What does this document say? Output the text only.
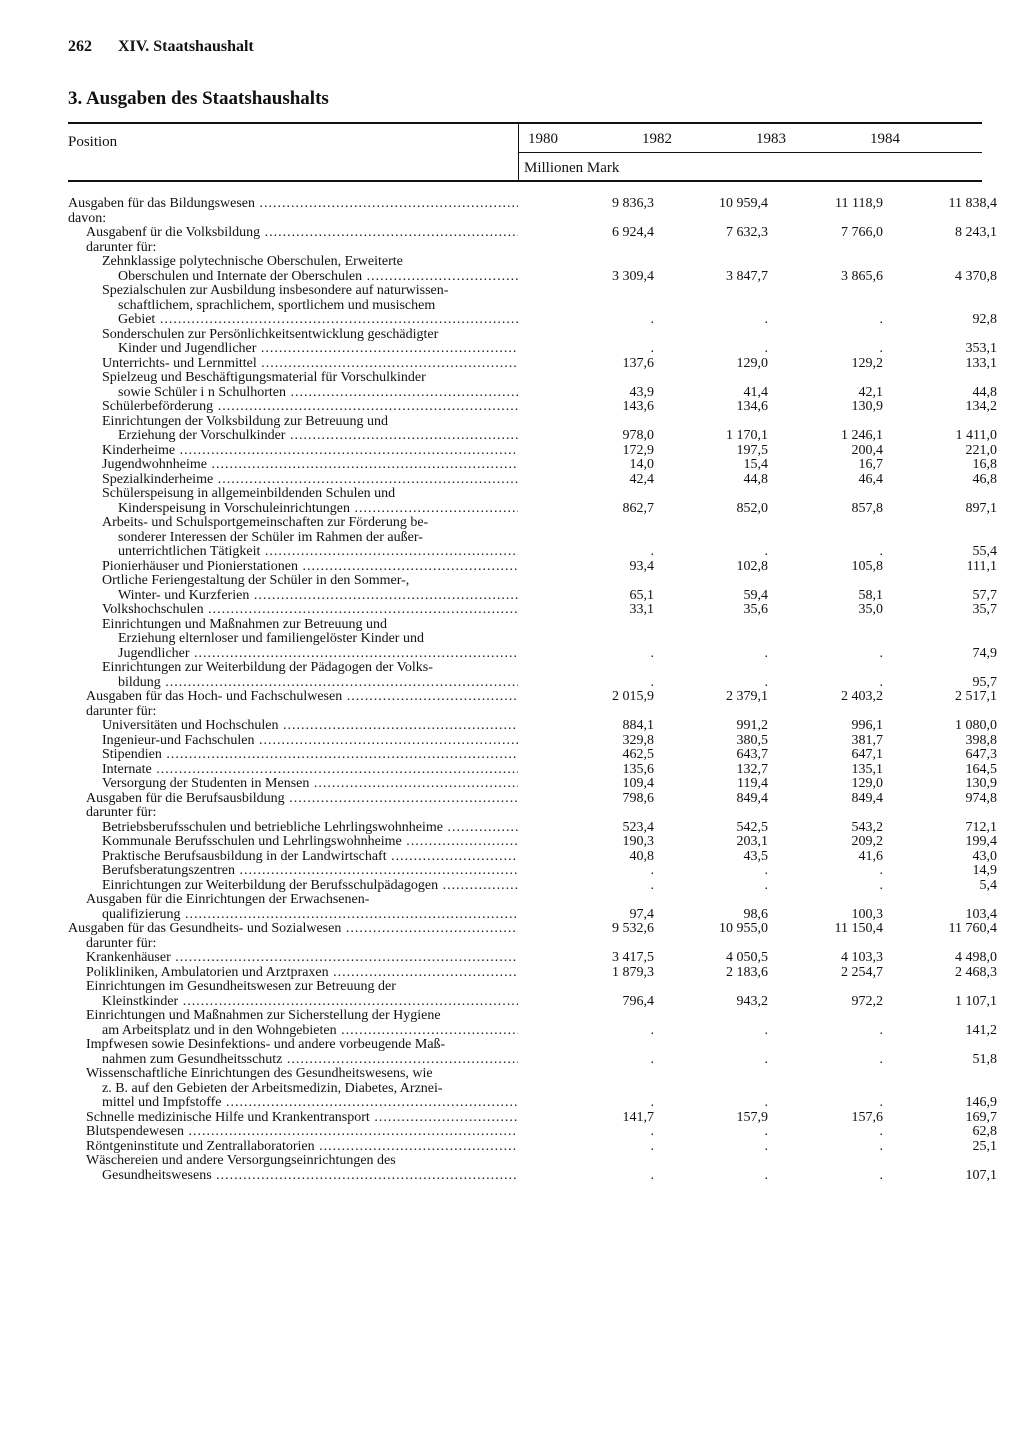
262 XIV. Staatshaushalt
3. Ausgaben des Staatshaushalts
Position	1980	1982	1983	1984
Millionen Mark
Ausgaben für das Bildungswesen .....	9 836,3	10 959,4	11 118,9	11 838,4
davon:
Ausgabenf ür die Volksbildung .....	6 924,4	7 632,3	7 766,0	8 243,1
darunter für:
Zehnklassige polytechnische Oberschulen, Erweiterte
Oberschulen und Internate der Oberschulen .....	3 309,4	3 847,7	3 865,6	4 370,8
Spezialschulen zur Ausbildung insbesondere auf naturwissen-
schaftlichem, sprachlichem, sportlichem und musischem
Gebiet .....	.	.	.	92,8
Sonderschulen zur Persönlichkeitsentwicklung geschädigter
Kinder und Jugendlicher .....	.	.	.	353,1
Unterrichts- und Lernmittel .....	137,6	129,0	129,2	133,1
Spielzeug und Beschäftigungsmaterial für Vorschulkinder
sowie Schüler i n Schulhorten .....	43,9	41,4	42,1	44,8
Schülerbeförderung .....	143,6	134,6	130,9	134,2
Einrichtungen der Volksbildung zur Betreuung und
Erziehung der Vorschulkinder .....	978,0	1 170,1	1 246,1	1 411,0
Kinderheime .....	172,9	197,5	200,4	221,0
Jugendwohnheime .....	14,0	15,4	16,7	16,8
Spezialkinderheime .....	42,4	44,8	46,4	46,8
Schülerspeisung in allgemeinbildenden Schulen und
Kinderspeisung in Vorschuleinrichtungen .....	862,7	852,0	857,8	897,1
Arbeits- und Schulsportgemeinschaften zur Förderung be-
sonderer Interessen der Schüler im Rahmen der außer-
unterrichtlichen Tätigkeit .....	.	.	.	55,4
Pionierhäuser und Pionierstationen .....	93,4	102,8	105,8	111,1
Örtliche Feriengestaltung der Schüler in den Sommer-,
Winter- und Kurzferien .....	65,1	59,4	58,1	57,7
Volkshochschulen .....	33,1	35,6	35,0	35,7
Einrichtungen und Maßnahmen zur Betreuung und
Erziehung elternloser und familiengelöster Kinder und
Jugendlicher .....	.	.	.	74,9
Einrichtungen zur Weiterbildung der Pädagogen der Volks-
bildung .....	.	.	.	95,7
Ausgaben für das Hoch- und Fachschulwesen .....	2 015,9	2 379,1	2 403,2	2 517,1
darunter für:
Universitäten und Hochschulen .....	884,1	991,2	996,1	1 080,0
Ingenieur-und Fachschulen .....	329,8	380,5	381,7	398,8
Stipendien .....	462,5	643,7	647,1	647,3
Internate .....	135,6	132,7	135,1	164,5
Versorgung der Studenten in Mensen .....	109,4	119,4	129,0	130,9
Ausgaben für die Berufsausbildung .....	798,6	849,4	849,4	974,8
darunter für:
Betriebsberufsschulen und betriebliche Lehrlingswohnheime .....	523,4	542,5	543,2	712,1
Kommunale Berufsschulen und Lehrlingswohnheime .....	190,3	203,1	209,2	199,4
Praktische Berufsausbildung in der Landwirtschaft .....	40,8	43,5	41,6	43,0
Berufsberatungszentren .....	.	.	.	14,9
Einrichtungen zur Weiterbildung der Berufsschulpädagogen .....	.	.	.	5,4
Ausgaben für die Einrichtungen der Erwachsenen-
qualifizierung .....	97,4	98,6	100,3	103,4
Ausgaben für das Gesundheits- und Sozialwesen .....	9 532,6	10 955,0	11 150,4	11 760,4
darunter für:
Krankenhäuser .....	3 417,5	4 050,5	4 103,3	4 498,0
Polikliniken, Ambulatorien und Arztpraxen .....	1 879,3	2 183,6	2 254,7	2 468,3
Einrichtungen im Gesundheitswesen zur Betreuung der
Kleinstkinder .....	796,4	943,2	972,2	1 107,1
Einrichtungen und Maßnahmen zur Sicherstellung der Hygiene
am Arbeitsplatz und in den Wohngebieten .....	.	.	.	141,2
Impfwesen sowie Desinfektions- und andere vorbeugende Maß-
nahmen zum Gesundheitsschutz .....	.	.	.	51,8
Wissenschaftliche Einrichtungen des Gesundheitswesens, wie
z. B. auf den Gebieten der Arbeitsmedizin, Diabetes, Arznei-
mittel und Impfstoffe .....	.	.	.	146,9
Schnelle medizinische Hilfe und Krankentransport .....	141,7	157,9	157,6	169,7
Blutspendewesen .....	.	.	.	62,8
Röntgeninstitute und Zentrallaboratorien .....	.	.	.	25,1
Wäschereien und andere Versorgungseinrichtungen des
Gesundheitswesens .....	.	.	.	107,1
